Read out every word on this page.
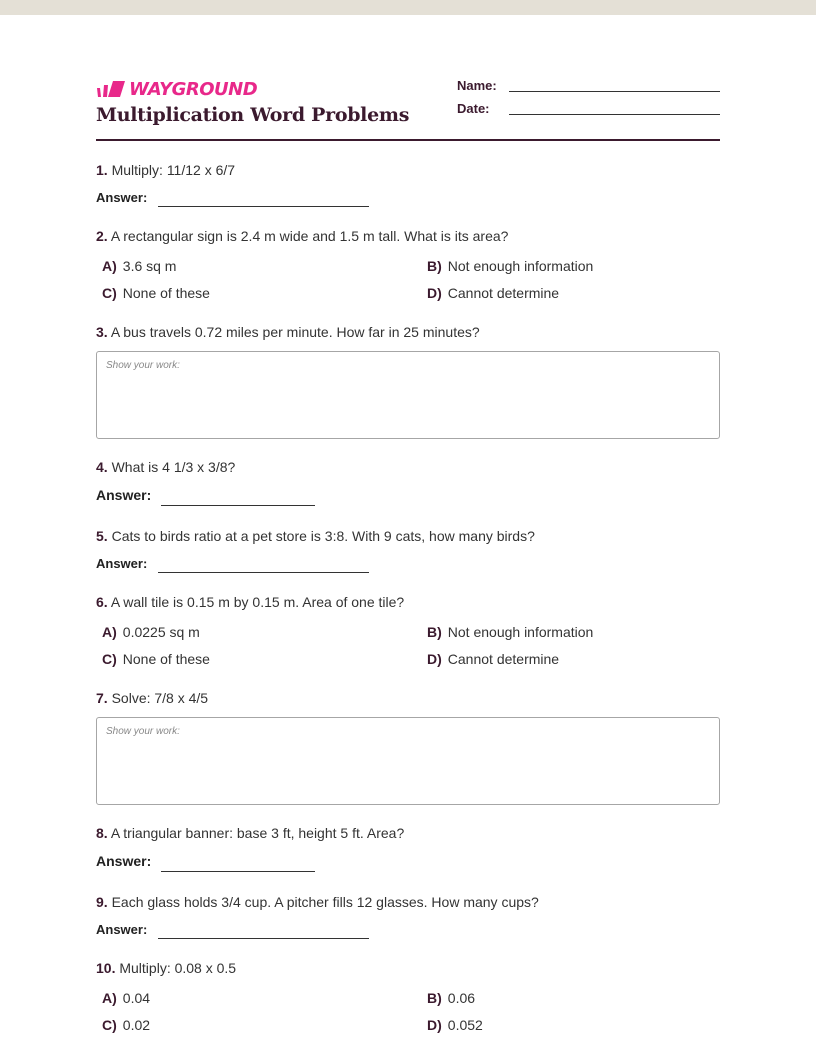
WAYGROUND
Multiplication Word Problems
Name:
Date:
1. Multiply: 11/12 x 6/7
Answer:
2. A rectangular sign is 2.4 m wide and 1.5 m tall. What is its area?
A) 3.6 sq m	B) Not enough information
C) None of these	D) Cannot determine
3. A bus travels 0.72 miles per minute. How far in 25 minutes?
Show your work:
4. What is 4 1/3 x 3/8?
Answer:
5. Cats to birds ratio at a pet store is 3:8. With 9 cats, how many birds?
Answer:
6. A wall tile is 0.15 m by 0.15 m. Area of one tile?
A) 0.0225 sq m	B) Not enough information
C) None of these	D) Cannot determine
7. Solve: 7/8 x 4/5
Show your work:
8. A triangular banner: base 3 ft, height 5 ft. Area?
Answer:
9. Each glass holds 3/4 cup. A pitcher fills 12 glasses. How many cups?
Answer:
10. Multiply: 0.08 x 0.5
A) 0.04	B) 0.06
C) 0.02	D) 0.052
